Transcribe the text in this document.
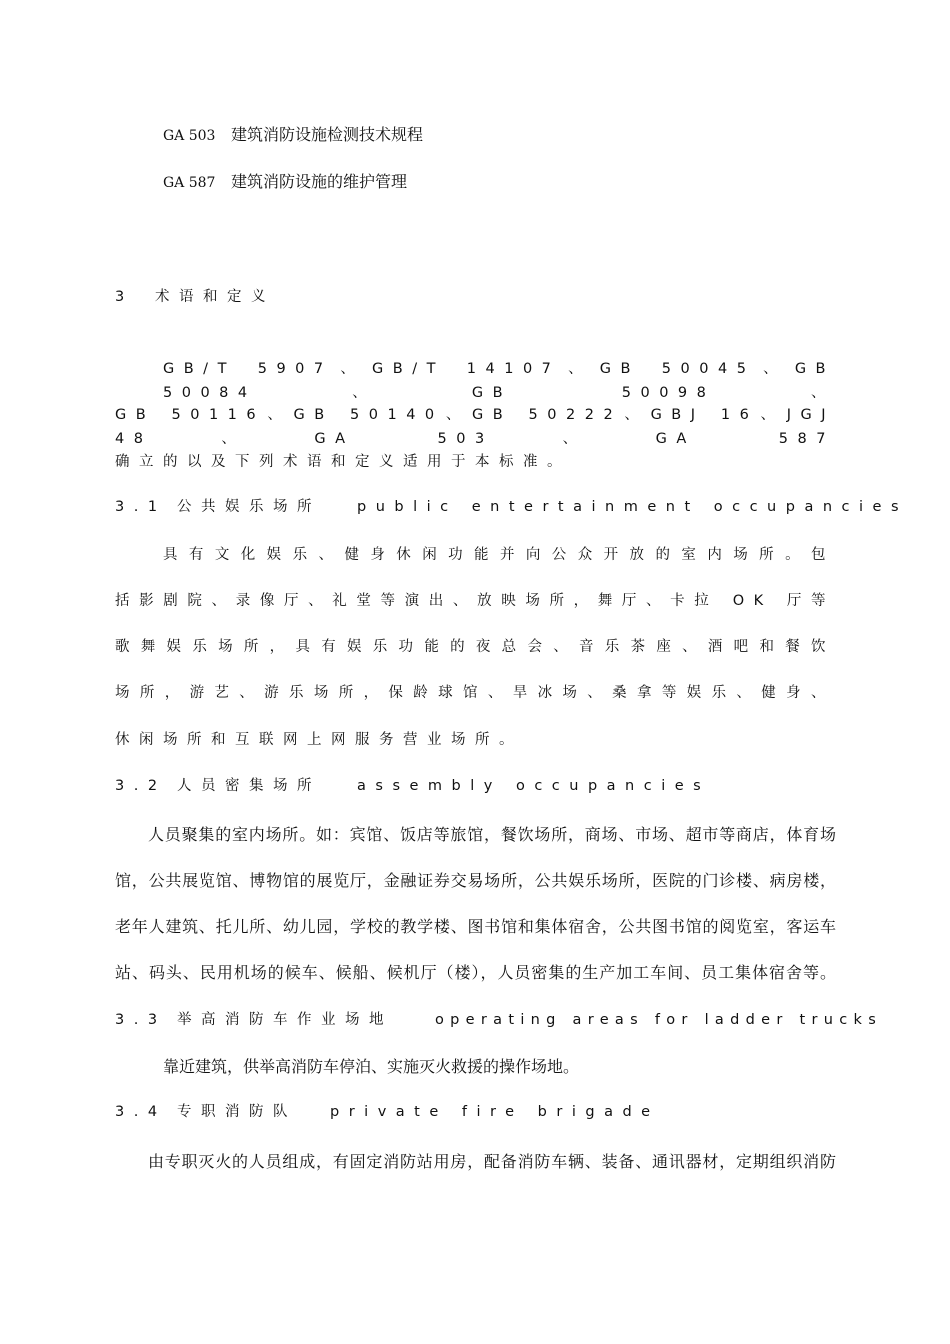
GA 503 建筑消防设施检测技术规程
GA 587 建筑消防设施的维护管理
3 术语和定义
GB/T 5907、GB/T 14107、GB 50045、GB 50084、GB 50098、
GB 50116、GB 50140、GB 50222、GBJ 16、JGJ 48、GA 503、GA 587
确立的以及下列术语和定义适用于本标准。
3.1 公共娱乐场所 public entertainment occupancies
具有文化娱乐、健身休闲功能并向公众开放的室内场所。包
括影剧院、录像厅、礼堂等演出、放映场所，舞厅、卡拉 OK 厅等
歌舞娱乐场所，具有娱乐功能的夜总会、音乐茶座、酒吧和餐饮
场所，游艺、游乐场所，保龄球馆、旱冰场、桑拿等娱乐、健身、
休闲场所和互联网上网服务营业场所。
3.2 人员密集场所 assembly occupancies
人员聚集的室内场所。如：宾馆、饭店等旅馆，餐饮场所，商场、市场、超市等商店，体育场
馆，公共展览馆、博物馆的展览厅，金融证券交易场所，公共娱乐场所，医院的门诊楼、病房楼，
老年人建筑、托儿所、幼儿园，学校的教学楼、图书馆和集体宿舍，公共图书馆的阅览室，客运车
站、码头、民用机场的候车、候船、候机厅（楼），人员密集的生产加工车间、员工集体宿舍等。
3.3 举高消防车作业场地	operating areas for ladder trucks
靠近建筑，供举高消防车停泊、实施灭火救援的操作场地。
3.4 专职消防队 private fire brigade
由专职灭火的人员组成，有固定消防站用房，配备消防车辆、装备、通讯器材，定期组织消防
